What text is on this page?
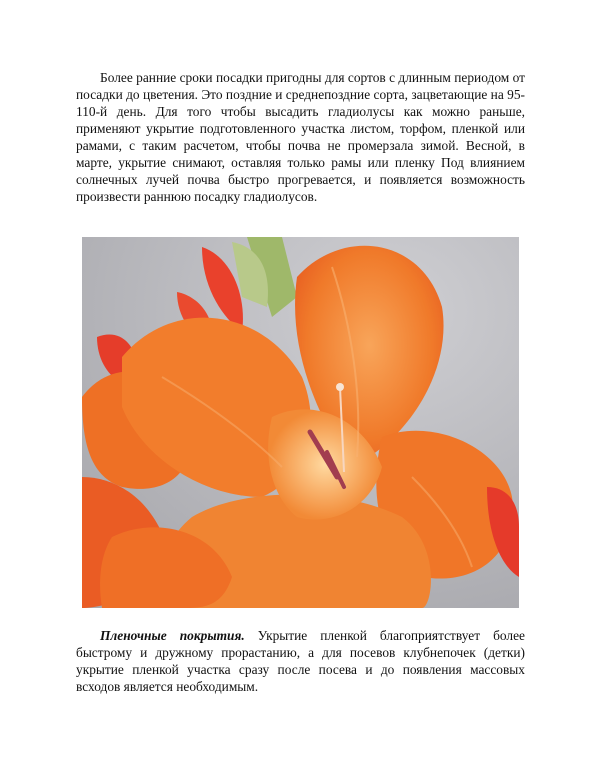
Более ранние сроки посадки пригодны для сортов с длинным периодом от посадки до цветения. Это поздние и среднепоздние сорта, зацветающие на 95-110-й день. Для того чтобы высадить гладиолусы как можно раньше, применяют укрытие подготовленного участка листом, торфом, пленкой или рамами, с таким расчетом, чтобы почва не промерзала зимой. Весной, в марте, укрытие снимают, оставляя только рамы или пленку Под влиянием солнечных лучей почва быстро прогревается, и появляется возможность произвести раннюю посадку гладиолусов.

Пленочные покрытия. Укрытие пленкой благоприятствует более быстрому и дружному прорастанию, а для посевов клубнепочек (детки) укрытие пленкой участка сразу после посева и до появления массовых всходов является необходимым.
